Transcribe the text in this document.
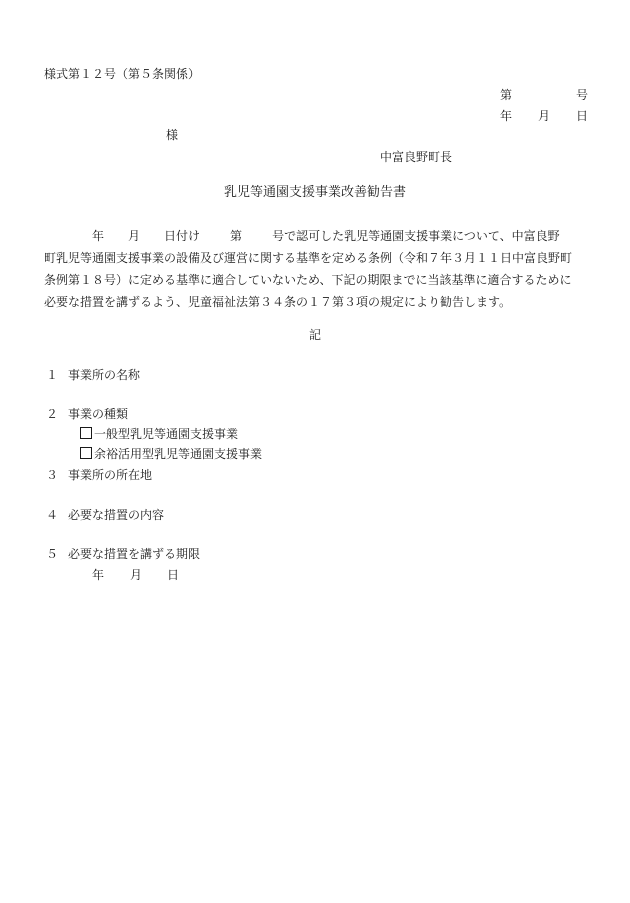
様式第１２号（第５条関係）
第	号
年 月 日
様
中富良野町長
乳児等通園支援事業改善勧告書
年 月 日付け	第	号で認可した乳児等通園支援事業について、中富良野
町乳児等通園支援事業の設備及び運営に関する基準を定める条例（令和７年３月１１日中富良野町
条例第１８号）に定める基準に適合していないため、下記の期限までに当該基準に適合するために
必要な措置を講ずるよう、児童福祉法第３４条の１７第３項の規定により勧告します。
記
１ 事業所の名称
２ 事業の種類
一般型乳児等通園支援事業
余裕活用型乳児等通園支援事業
３ 事業所の所在地
４ 必要な措置の内容
５ 必要な措置を講ずる期限
年 月 日
